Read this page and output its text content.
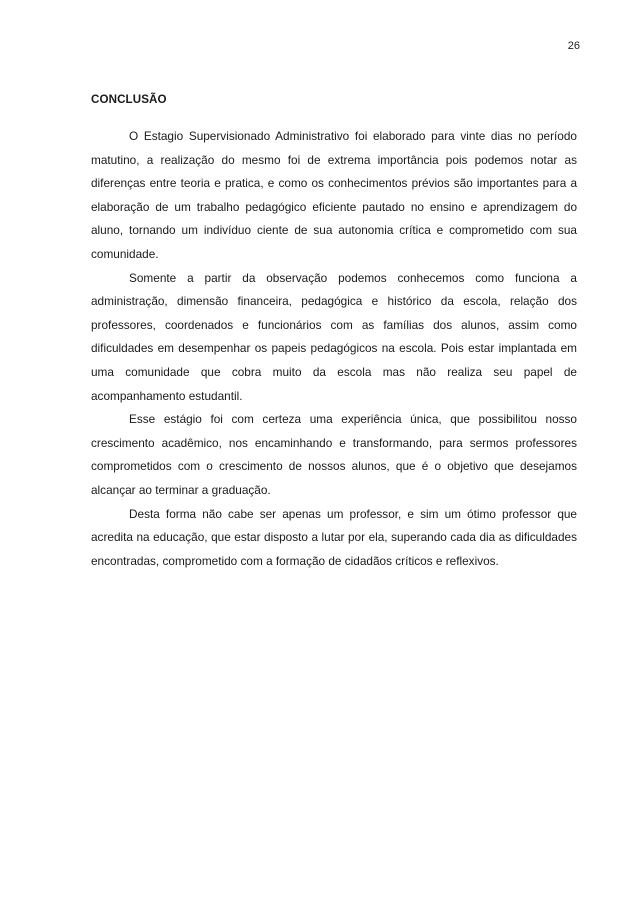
26
CONCLUSÃO

O Estagio Supervisionado Administrativo foi elaborado para vinte dias no período matutino, a realização do mesmo foi de extrema importância pois podemos notar as diferenças entre teoria e pratica, e como os conhecimentos prévios são importantes para a elaboração de um trabalho pedagógico eficiente pautado no ensino e aprendizagem do aluno, tornando um indivíduo ciente de sua autonomia crítica e comprometido com sua comunidade.

Somente a partir da observação podemos conhecemos como funciona a administração, dimensão financeira, pedagógica e histórico da escola, relação dos professores, coordenados e funcionários com as famílias dos alunos, assim como dificuldades em desempenhar os papeis pedagógicos na escola. Pois estar implantada em uma comunidade que cobra muito da escola mas não realiza seu papel de acompanhamento estudantil.

Esse estágio foi com certeza uma experiência única, que possibilitou nosso crescimento acadêmico, nos encaminhando e transformando, para sermos professores comprometidos com o crescimento de nossos alunos, que é o objetivo que desejamos alcançar ao terminar a graduação.

Desta forma não cabe ser apenas um professor, e sim um ótimo professor que acredita na educação, que estar disposto a lutar por ela, superando cada dia as dificuldades encontradas, comprometido com a formação de cidadãos críticos e reflexivos.
